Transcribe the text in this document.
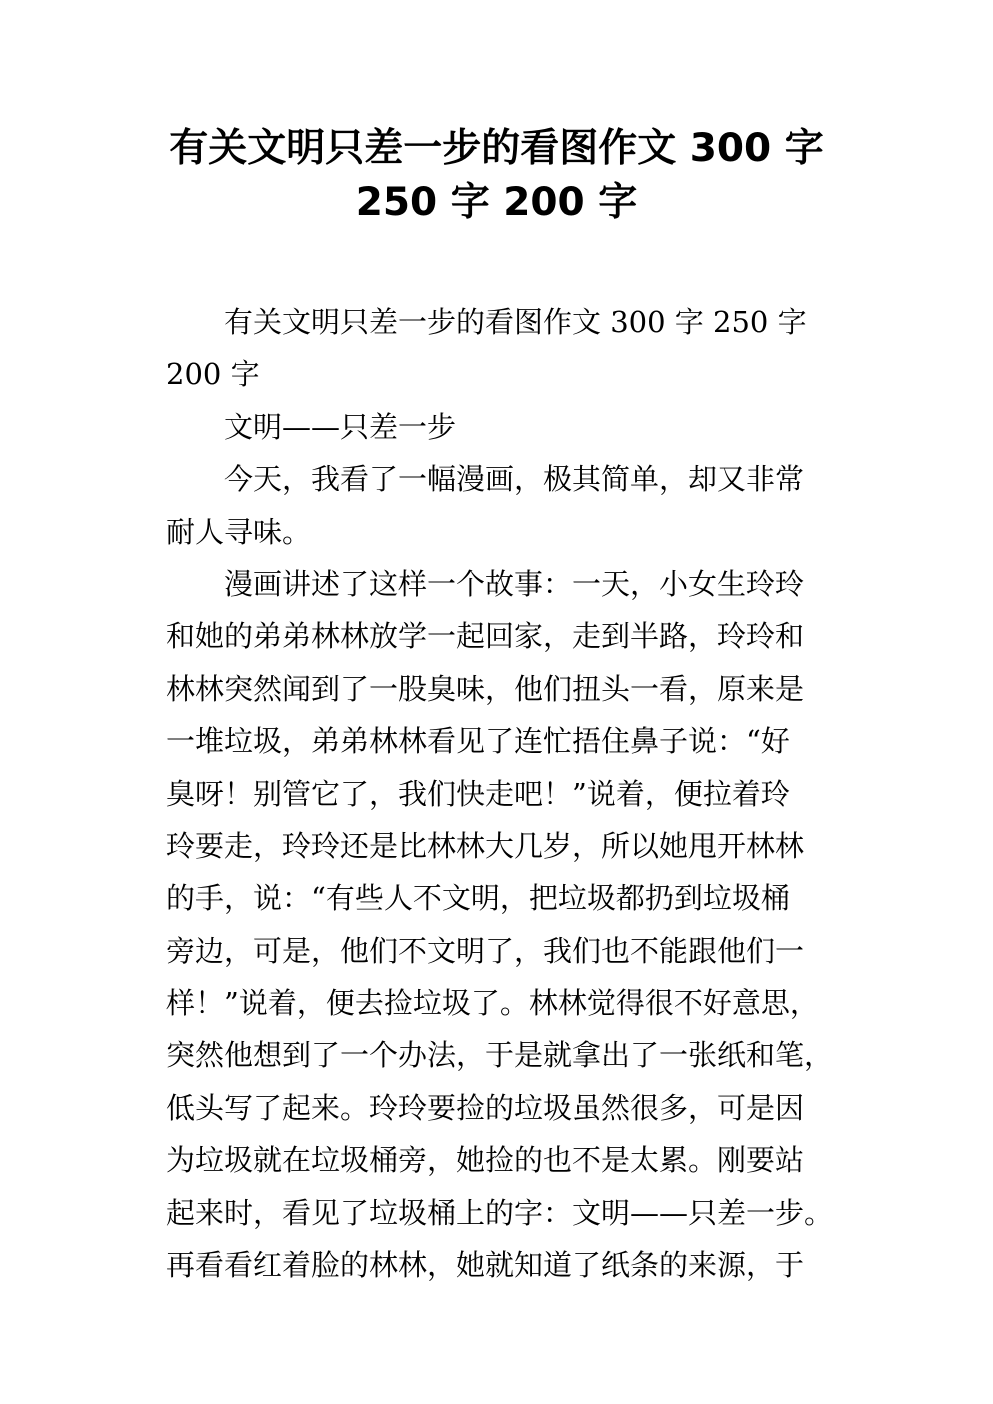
有关文明只差一步的看图作文 300 字
250 字 200 字
有关文明只差一步的看图作文 300 字 250 字
200 字
文明——只差一步
今天，我看了一幅漫画，极其简单，却又非常
耐人寻味。
漫画讲述了这样一个故事：一天，小女生玲玲
和她的弟弟林林放学一起回家，走到半路，玲玲和
林林突然闻到了一股臭味，他们扭头一看，原来是
一堆垃圾，弟弟林林看见了连忙捂住鼻子说：“好
臭呀！别管它了，我们快走吧！”说着，便拉着玲
玲要走，玲玲还是比林林大几岁，所以她甩开林林
的手，说：“有些人不文明，把垃圾都扔到垃圾桶
旁边，可是，他们不文明了，我们也不能跟他们一
样！”说着，便去捡垃圾了。林林觉得很不好意思，
突然他想到了一个办法，于是就拿出了一张纸和笔，
低头写了起来。玲玲要捡的垃圾虽然很多，可是因
为垃圾就在垃圾桶旁，她捡的也不是太累。刚要站
起来时，看见了垃圾桶上的字：文明——只差一步。
再看看红着脸的林林，她就知道了纸条的来源，于
